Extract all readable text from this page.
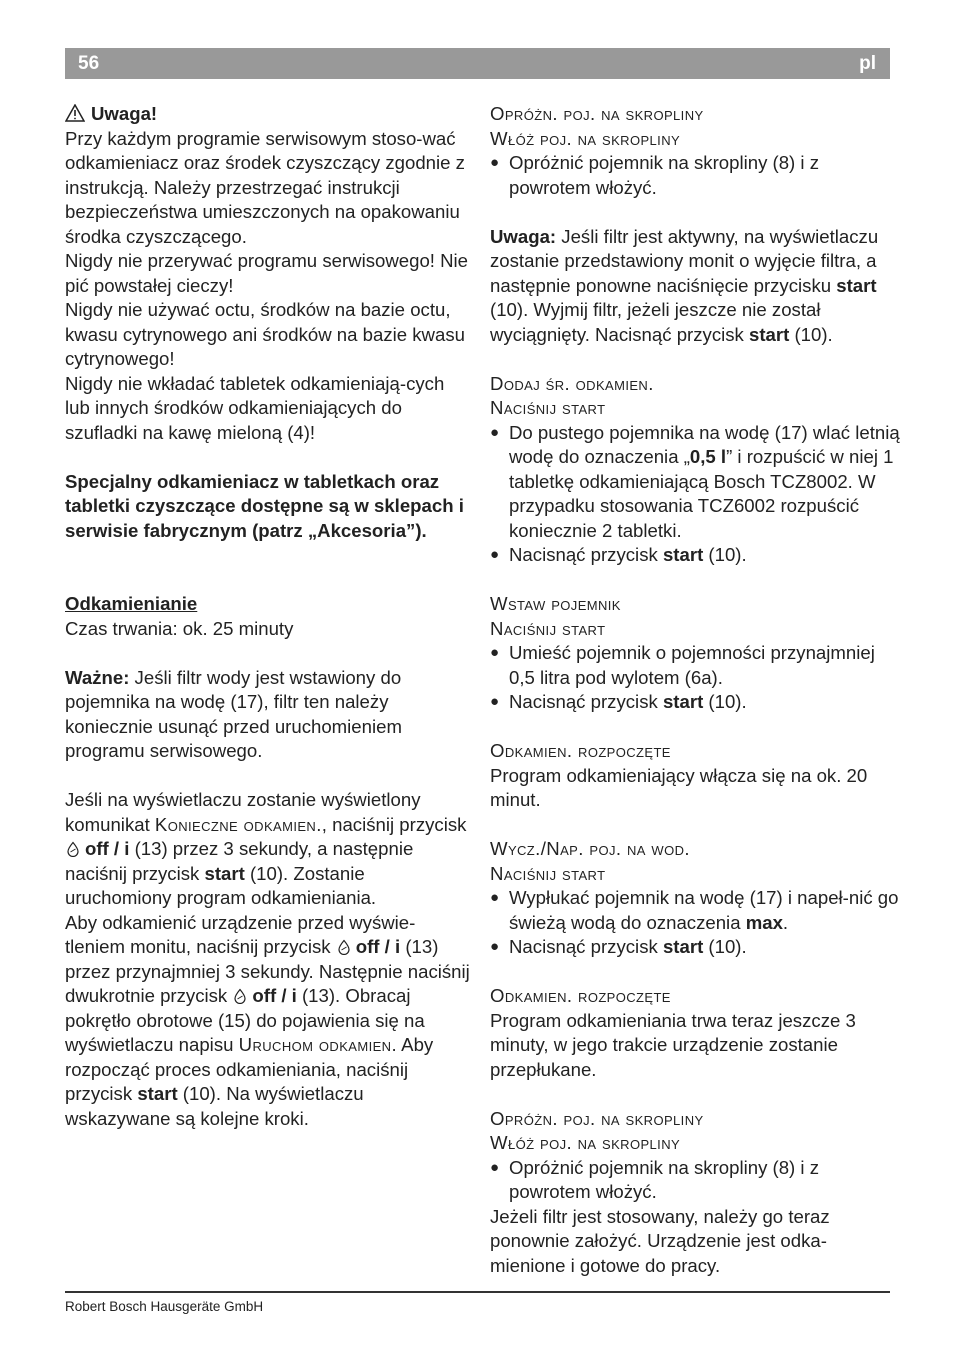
56	pl

Uwaga!

Przy każdym programie serwisowym stoso-wać odkamieniacz oraz środek czyszczący zgodnie z instrukcją. Należy przestrzegać instrukcji bezpieczeństwa umieszczonych na opakowaniu środka czyszczącego.

Nigdy nie przerywać programu serwisowego! Nie pić powstałej cieczy!

Nigdy nie używać octu, środków na bazie octu, kwasu cytrynowego ani środków na bazie kwasu cytrynowego!

Nigdy nie wkładać tabletek odkamieniają-cych lub innych środków odkamieniających do szufladki na kawę mieloną (4)!

Specjalny odkamieniacz w tabletkach oraz tabletki czyszczące dostępne są w sklepach i serwisie fabrycznym (patrz „Akcesoria”).

Odkamienianie

Czas trwania: ok. 25 minuty

Ważne: Jeśli filtr wody jest wstawiony do pojemnika na wodę (17), filtr ten należy koniecznie usunąć przed uruchomieniem programu serwisowego.

Jeśli na wyświetlaczu zostanie wyświetlony komunikat Konieczne odkamien., naciśnij przycisk off / i (13) przez 3 sekundy, a następnie naciśnij przycisk start (10). Zostanie uruchomiony program odkamieniania.

Aby odkamienić urządzenie przed wyświe-tleniem monitu, naciśnij przycisk off / i (13) przez przynajmniej 3 sekundy. Następnie naciśnij dwukrotnie przycisk off / i (13). Obracaj pokrętło obrotowe (15) do pojawienia się na wyświetlaczu napisu Uruchom odkamien. Aby rozpocząć proces odkamieniania, naciśnij przycisk start (10). Na wyświetlaczu wskazywane są kolejne kroki.

Opróżn. poj. na skropliny

Włóż poj. na skropliny

● Opróżnić pojemnik na skropliny (8) i z powrotem włożyć.

Uwaga: Jeśli filtr jest aktywny, na wyświetlaczu zostanie przedstawiony monit o wyjęcie filtra, a następnie ponowne naciśnięcie przycisku start (10). Wyjmij filtr, jeżeli jeszcze nie został wyciągnięty. Nacisnąć przycisk start (10).

Dodaj śr. odkamien.

Naciśnij start

● Do pustego pojemnika na wodę (17) wlać letnią wodę do oznaczenia „0,5 l” i rozpuścić w niej 1 tabletkę odkamieniającą Bosch TCZ8002. W przypadku stosowania TCZ6002 rozpuścić koniecznie 2 tabletki.

● Nacisnąć przycisk start (10).

Wstaw pojemnik

Naciśnij start

● Umieść pojemnik o pojemności przynajmniej 0,5 litra pod wylotem (6a).

● Nacisnąć przycisk start (10).

Odkamien. rozpoczęte

Program odkamieniający włącza się na ok. 20 minut.

Wycz./Nap. poj. na wod.

Naciśnij start

● Wypłukać pojemnik na wodę (17) i napeł-nić go świeżą wodą do oznaczenia max.

● Nacisnąć przycisk start (10).

Odkamien. rozpoczęte

Program odkamieniania trwa teraz jeszcze 3 minuty, w jego trakcie urządzenie zostanie przepłukane.

Opróżn. poj. na skropliny

Włóż poj. na skropliny

● Opróżnić pojemnik na skropliny (8) i z powrotem włożyć.

Jeżeli filtr jest stosowany, należy go teraz ponownie założyć. Urządzenie jest odka-mienione i gotowe do pracy.

Robert Bosch Hausgeräte GmbH
